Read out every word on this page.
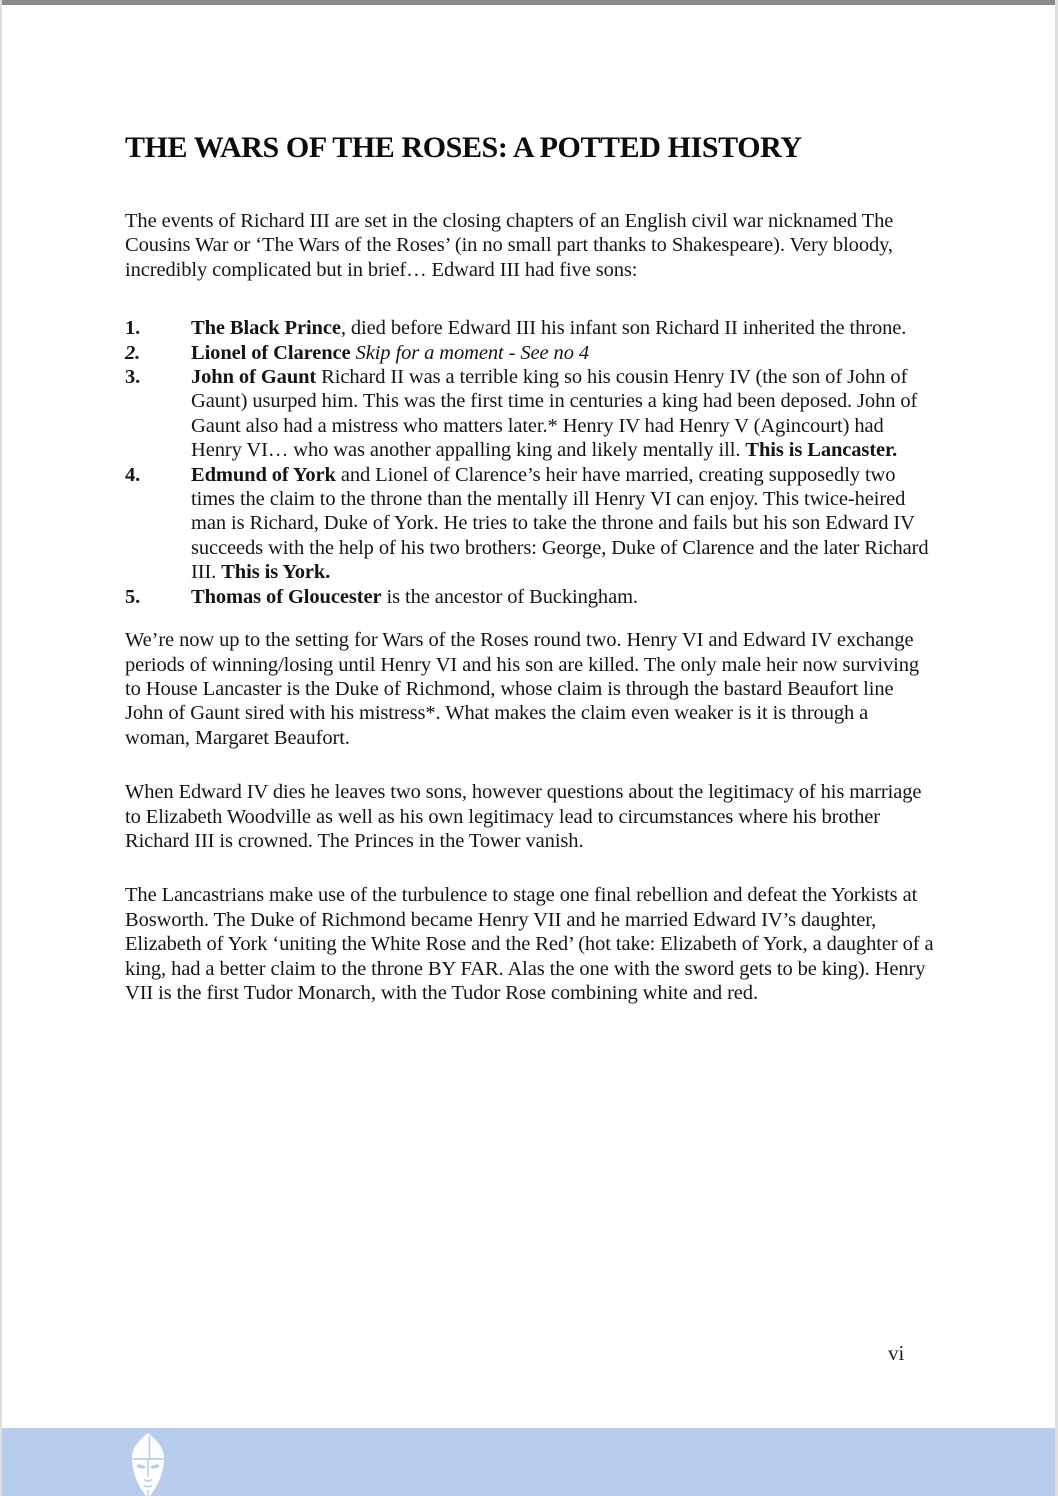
THE WARS OF THE ROSES: A POTTED HISTORY

The events of Richard III are set in the closing chapters of an English civil war nicknamed The Cousins War or ‘The Wars of the Roses’ (in no small part thanks to Shakespeare). Very bloody, incredibly complicated but in brief… Edward III had five sons:

1.	The Black Prince, died before Edward III his infant son Richard II inherited the throne.
2.	Lionel of Clarence Skip for a moment - See no 4
3.	John of Gaunt Richard II was a terrible king so his cousin Henry IV (the son of John of Gaunt) usurped him. This was the first time in centuries a king had been deposed. John of Gaunt also had a mistress who matters later.* Henry IV had Henry V (Agincourt) had Henry VI… who was another appalling king and likely mentally ill. This is Lancaster.
4.	Edmund of York and Lionel of Clarence’s heir have married, creating supposedly two times the claim to the throne than the mentally ill Henry VI can enjoy. This twice-heired man is Richard, Duke of York. He tries to take the throne and fails but his son Edward IV succeeds with the help of his two brothers: George, Duke of Clarence and the later Richard III. This is York.
5.	Thomas of Gloucester is the ancestor of Buckingham.

We’re now up to the setting for Wars of the Roses round two. Henry VI and Edward IV exchange periods of winning/losing until Henry VI and his son are killed. The only male heir now surviving to House Lancaster is the Duke of Richmond, whose claim is through the bastard Beaufort line John of Gaunt sired with his mistress*. What makes the claim even weaker is it is through a woman, Margaret Beaufort.

When Edward IV dies he leaves two sons, however questions about the legitimacy of his marriage to Elizabeth Woodville as well as his own legitimacy lead to circumstances where his brother Richard III is crowned. The Princes in the Tower vanish.

The Lancastrians make use of the turbulence to stage one final rebellion and defeat the Yorkists at Bosworth. The Duke of Richmond became Henry VII and he married Edward IV’s daughter, Elizabeth of York ‘uniting the White Rose and the Red’ (hot take: Elizabeth of York, a daughter of a king, had a better claim to the throne BY FAR. Alas the one with the sword gets to be king). Henry VII is the first Tudor Monarch, with the Tudor Rose combining white and red.

vi
